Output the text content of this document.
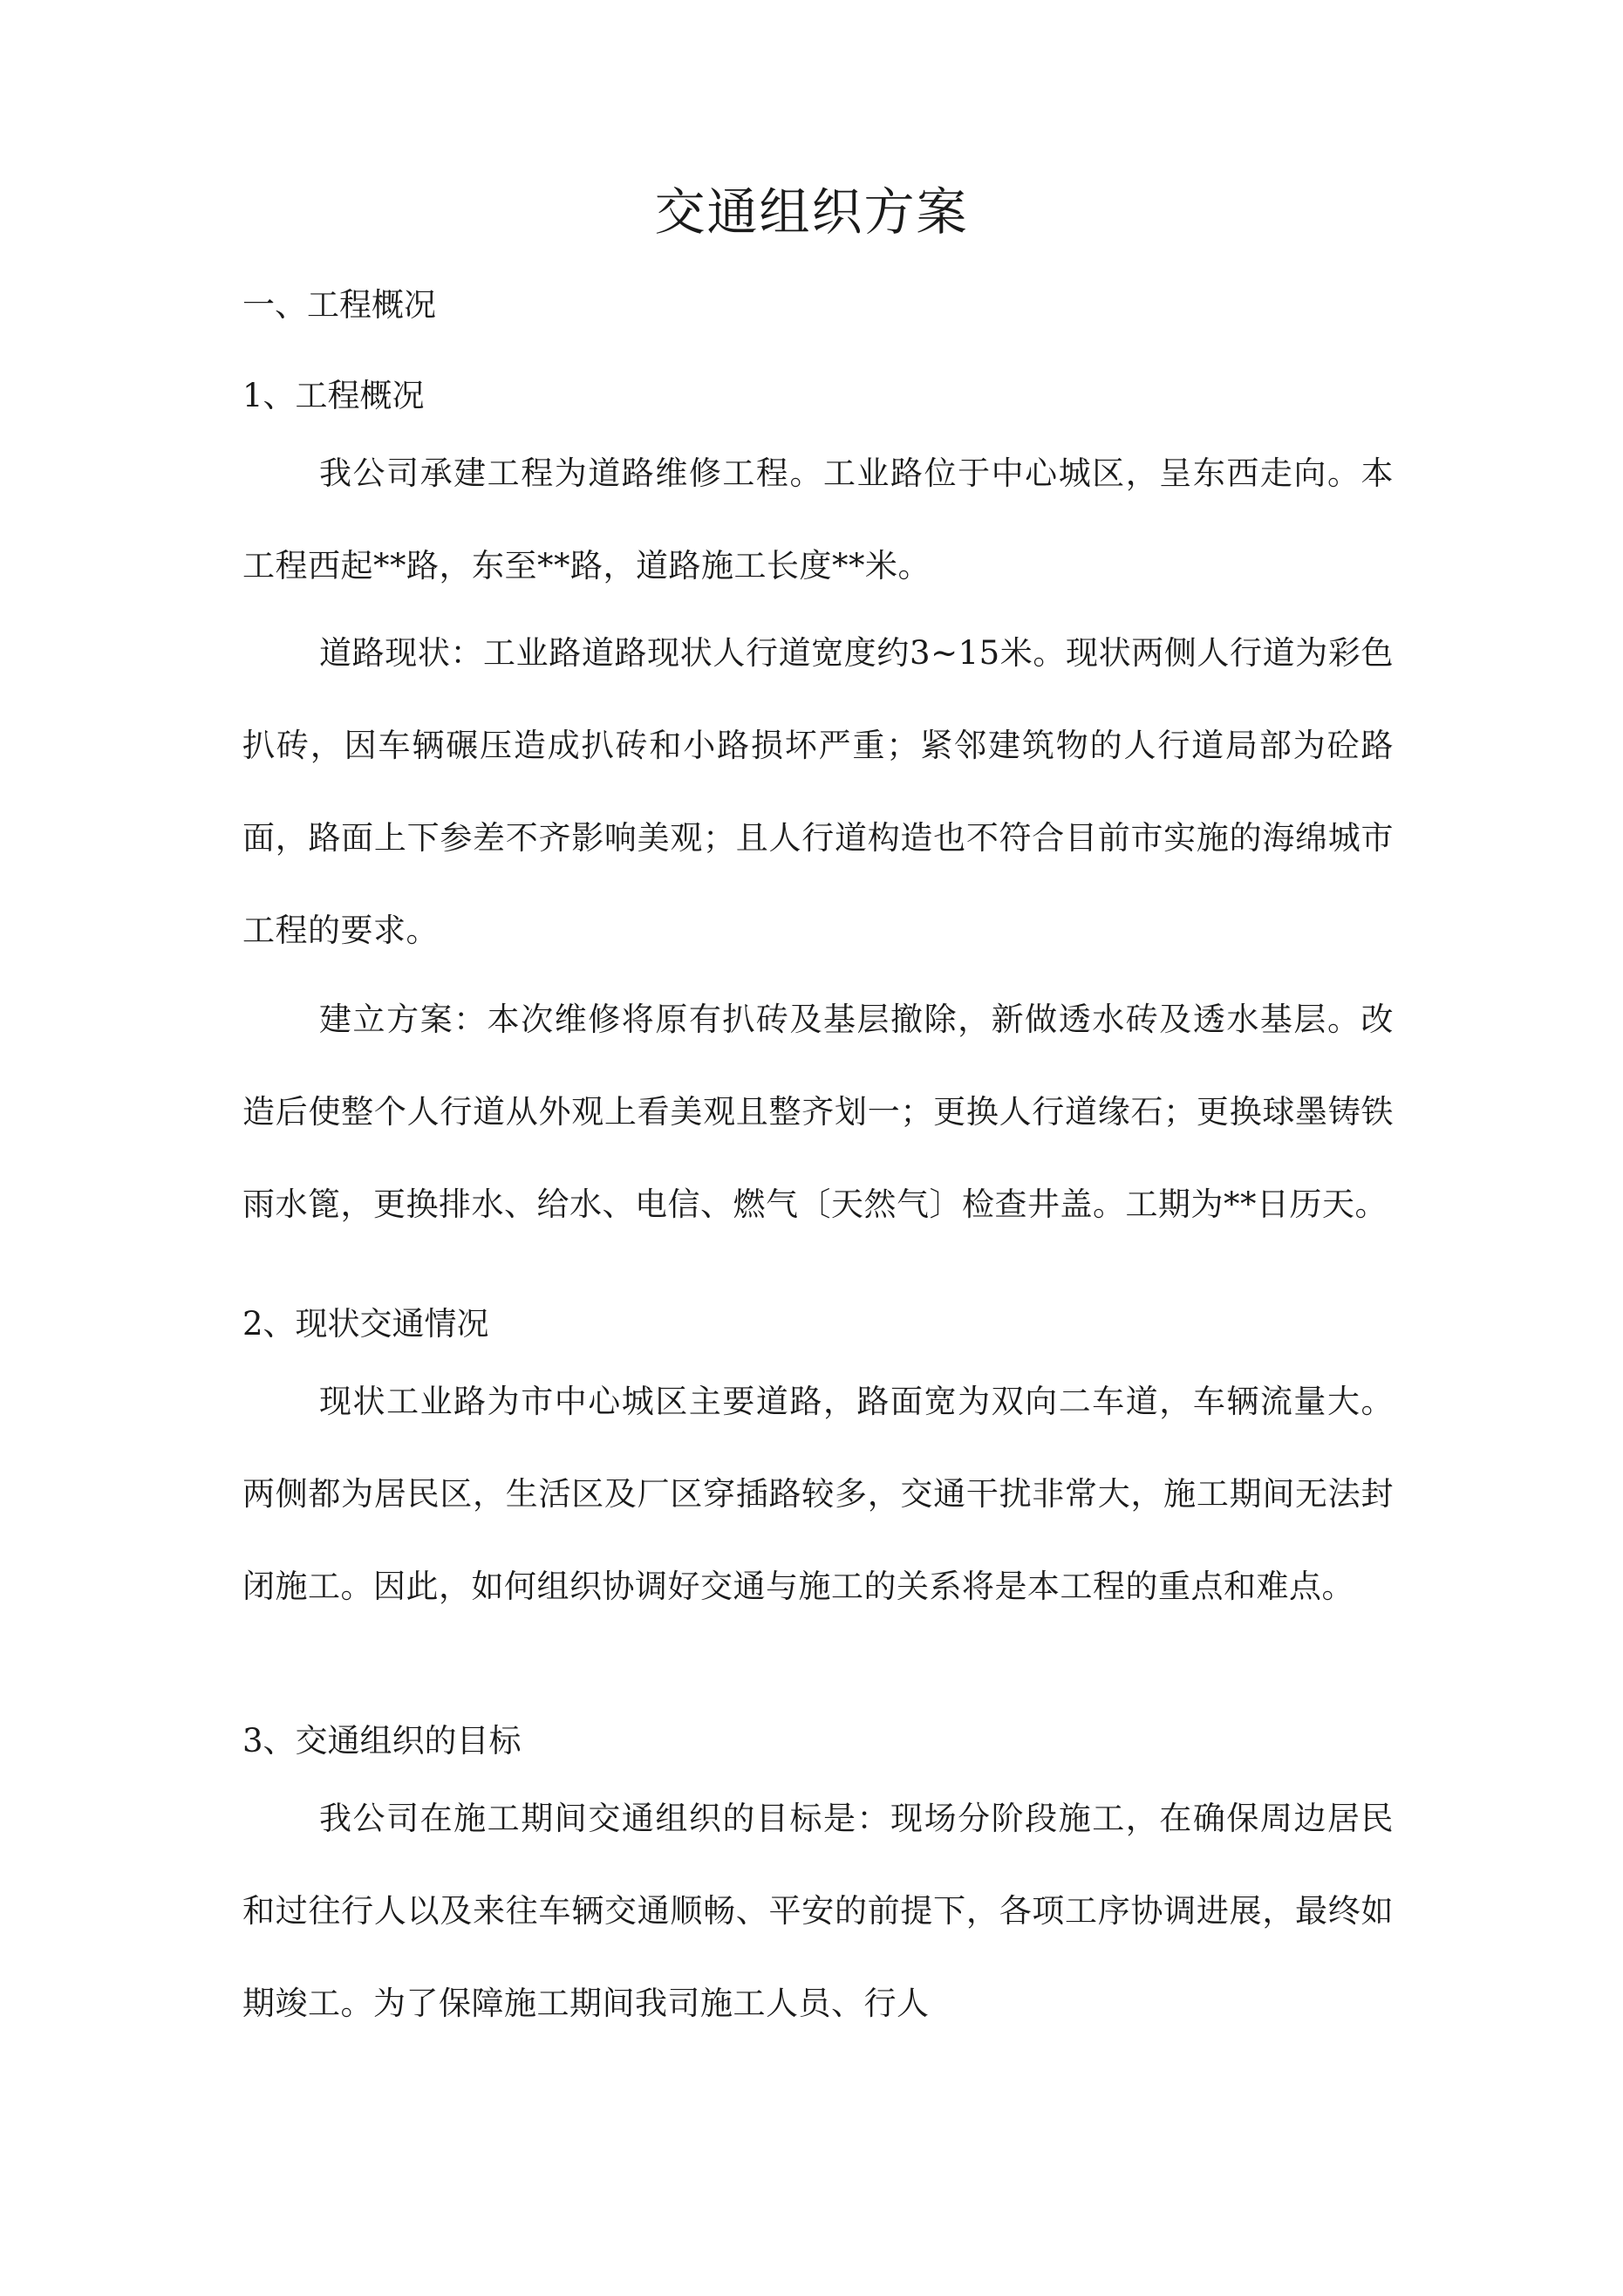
交通组织方案
一、工程概况
1、工程概况

我公司承建工程为道路维修工程。工业路位于中心城区，呈东西走向。本工程西起**路，东至**路，道路施工长度**米。

道路现状：工业路道路现状人行道宽度约3~15米。现状两侧人行道为彩色扒砖，因车辆碾压造成扒砖和小路损坏严重；紧邻建筑物的人行道局部为砼路面，路面上下参差不齐影响美观；且人行道构造也不符合目前市实施的海绵城市工程的要求。

建立方案：本次维修将原有扒砖及基层撤除，新做透水砖及透水基层。改造后使整个人行道从外观上看美观且整齐划一；更换人行道缘石；更换球墨铸铁雨水篦，更换排水、给水、电信、燃气〔天然气〕检查井盖。工期为**日历天。

2、现状交通情况

现状工业路为市中心城区主要道路，路面宽为双向二车道，车辆流量大。两侧都为居民区，生活区及厂区穿插路较多，交通干扰非常大，施工期间无法封闭施工。因此，如何组织协调好交通与施工的关系将是本工程的重点和难点。

3、交通组织的目标

我公司在施工期间交通组织的目标是：现场分阶段施工，在确保周边居民和过往行人以及来往车辆交通顺畅、平安的前提下，各项工序协调进展，最终如期竣工。为了保障施工期间我司施工人员、行人
